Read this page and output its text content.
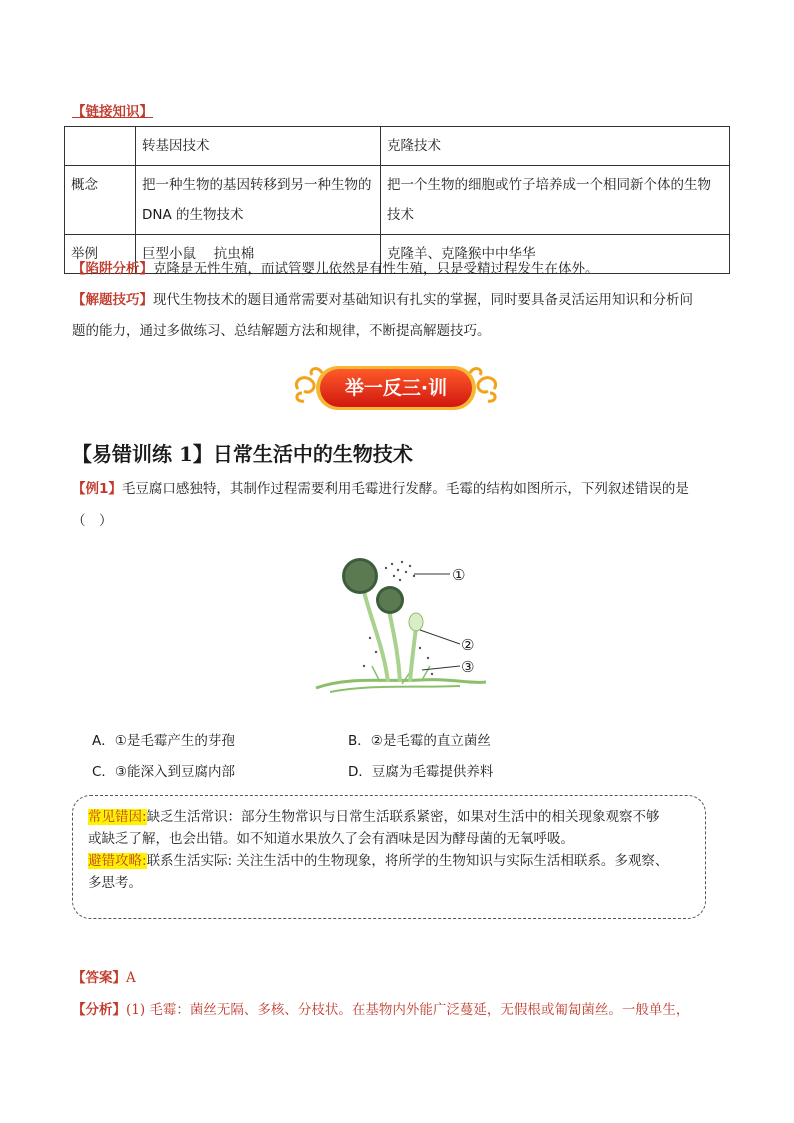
【链接知识】
	转基因技术	克隆技术
概念	把一种生物的基因转移到另一种生物的DNA 的生物技术	把一个生物的细胞或竹子培养成一个相同新个体的生物技术
举例	巨型小鼠　 抗虫棉	克隆羊、克隆猴中中华华
【陷阱分析】克隆是无性生殖，而试管婴儿依然是有性生殖，只是受精过程发生在体外。
【解题技巧】现代生物技术的题目通常需要对基础知识有扎实的掌握，同时要具备灵活运用知识和分析问
题的能力，通过多做练习、总结解题方法和规律，不断提高解题技巧。
举一反三·训
【易错训练 1】日常生活中的生物技术
【例1】毛豆腐口感独特，其制作过程需要利用毛霉进行发酵。毛霉的结构如图所示，下列叙述错误的是
（　）
①
②
③
A．①是毛霉产生的芽孢	B．②是毛霉的直立菌丝
C．③能深入到豆腐内部	D．豆腐为毛霉提供养料
常见错因:缺乏生活常识：部分生物常识与日常生活联系紧密，如果对生活中的相关现象观察不够
或缺乏了解，也会出错。如不知道水果放久了会有酒味是因为酵母菌的无氧呼吸。
避错攻略:联系生活实际: 关注生活中的生物现象，将所学的生物知识与实际生活相联系。多观察、
多思考。
【答案】A
【分析】(1) 毛霉：菌丝无隔、多核、分枝状。在基物内外能广泛蔓延，无假根或匍匐菌丝。一般单生，
